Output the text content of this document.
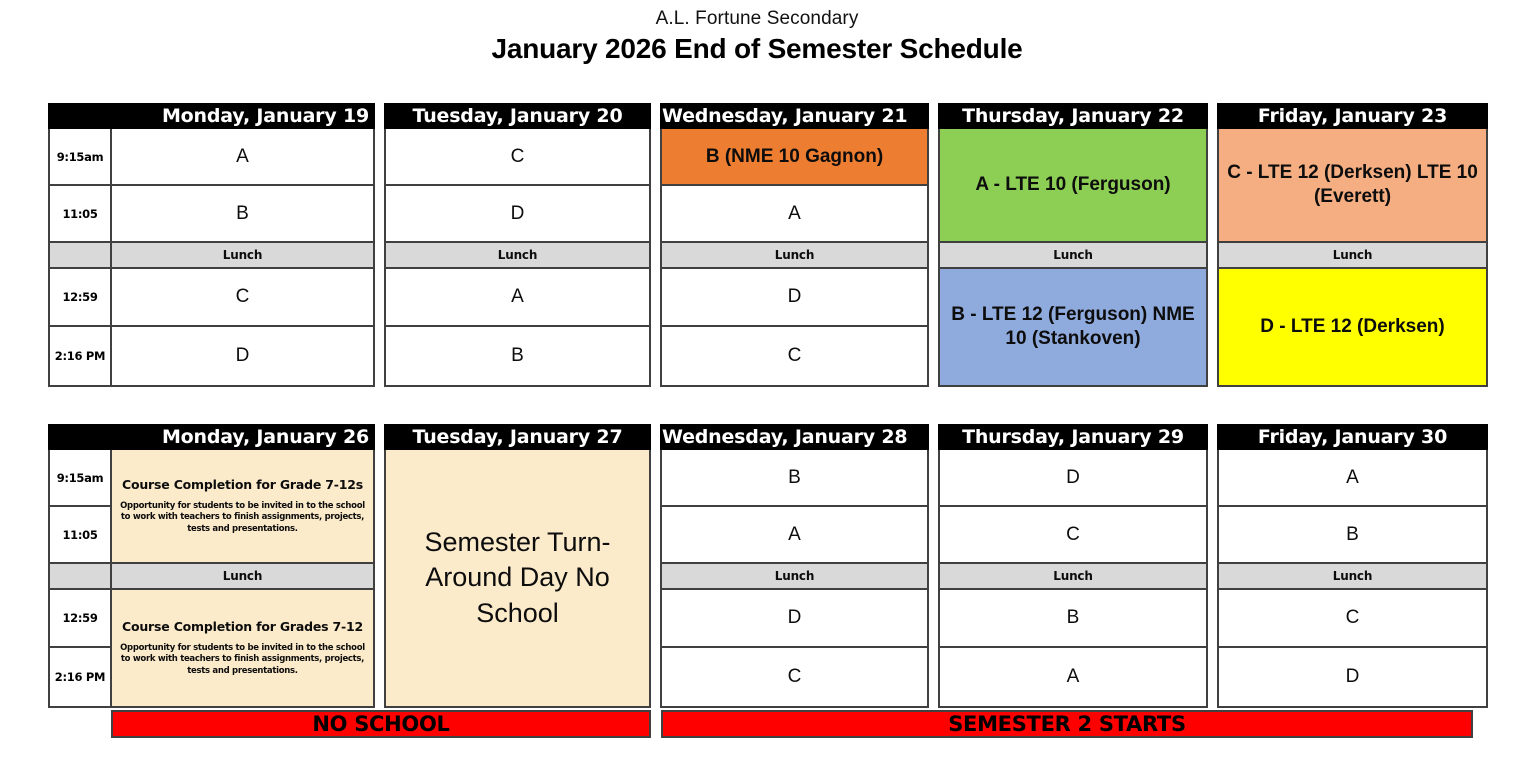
A.L. Fortune Secondary
January 2026 End of Semester Schedule
Monday, January 19
9:15am
11:05
12:59
2:16 PM
A
B
Lunch
C
D
Tuesday, January 20
C
D
Lunch
A
B
Wednesday, January 21
B (NME 10 Gagnon)
A
Lunch
D
C
Thursday, January 22
A - LTE 10 (Ferguson)
Lunch
B - LTE 12 (Ferguson) NME 10 (Stankoven)
Friday, January 23
C - LTE 12 (Derksen) LTE 10 (Everett)
Lunch
D - LTE 12 (Derksen)
Monday, January 26
9:15am
11:05
12:59
2:16 PM
Course Completion for Grade 7-12s
Opportunity for students to be invited in to the school to work with teachers to finish assignments, projects, tests and presentations.
Lunch
Course Completion for Grades 7-12
Opportunity for students to be invited in to the school to work with teachers to finish assignments, projects, tests and presentations.
Tuesday, January 27
Semester Turn-Around Day No School
Wednesday, January 28
B
A
Lunch
D
C
Thursday, January 29
D
C
Lunch
B
A
Friday, January 30
A
B
Lunch
C
D
NO SCHOOL	SEMESTER 2 STARTS
